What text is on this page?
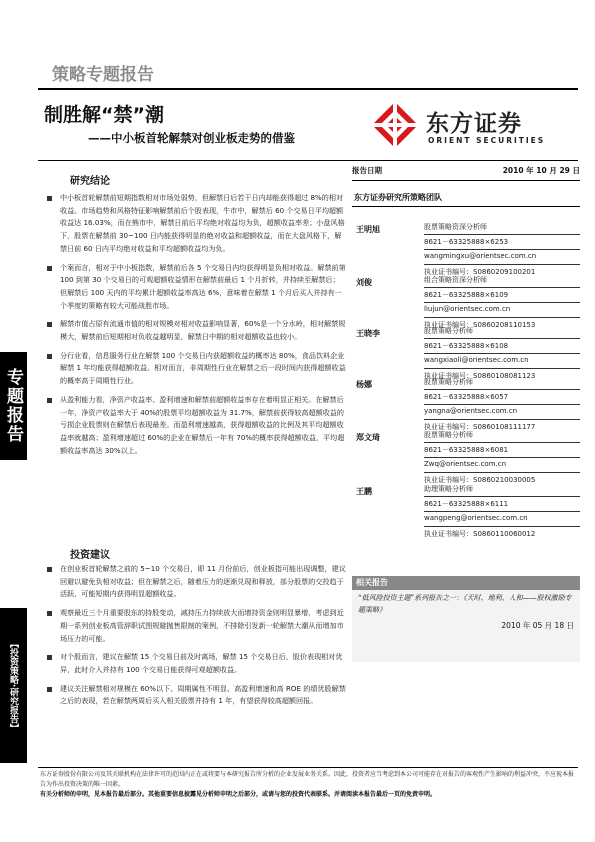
策略专题报告
制胜解“禁”潮
——中小板首轮解禁对创业板走势的借鉴
东方证券
ORIENT SECURITIES
研究结论
中小板首轮解禁前短期指数相对市场处弱势，但解禁日后若干日内却能获得超过 8%的相对收益。市场趋势和风格特征影响解禁前后个股表现，牛市中，解禁后 60 个交易日平均超额收益达 16.03%，而在熊市中，解禁日前后平均绝对收益均为负，超额收益率差；小盘风格下，股票在解禁前 30~100 日内能获得明显的绝对收益和超额收益，而在大盘风格下，解禁日前 60 日内平均绝对收益和平均超额收益均为负。
个案而言，相对于中小板指数，解禁前后各 5 个交易日内均获得明显负相对收益。解禁前第 100 到第 30 个交易日的可观超额收益情形在解禁前最后 1 个月折转，并持续至解禁后；但解禁后 100 天内的平均累计超额收益率高达 6%，意味着在解禁 1 个月后买入并持有一个季度的策略有较大可能战胜市场。
解禁市值占原有流通市值的相对规模对相对收益影响显著，60%是一个分水岭，相对解禁规模大，解禁前后短期相对负收益越明显，解禁日中期的相对超额收益也较小。
分行业看，信息服务行业在解禁 100 个交易日内获超额收益的概率达 80%，食品饮料企业解禁 1 年均能获得超额收益。相对而言，非周期性行业在解禁之后一段时间内获得超额收益的概率高于周期性行业。
从盈利能力看，净资产收益率、盈利增速和解禁前超额收益率存在着明显正相关。在解禁后一年，净资产收益率大于 40%的股票平均超额收益为 31.7%，解禁前获得较高超额收益的亏损企业股票则在解禁后表现最差。而盈利增速越高，获得超额收益的比例及其平均超额收益率就越高；盈利增速超过 60%的企业在解禁后一年有 70%的概率获得超额收益，平均超额收益率高达 30%以上。
投资建议
在创业板首轮解禁之前的 5~10 个交易日，即 11 月份前后，创业板指可能出现调整，建议回避以避免负相对收益；但在解禁之后，随着压力的逐渐兑现和释放，部分股票的交投趋于活跃，可能短期内获得明显超额收益。
观察最近三个月重要股东的持股变动，减持压力持续放大而增持资金则明显暴增，考虑到近期一系列创业板高管辞职试图规避抛售限制的案例，不排除引发新一轮解禁大潮从而增加市场压力的可能。
对个股而言，建议在解禁 15 个交易日前及时离场，解禁 15 个交易日后，股价表现相对优异，此时介入并持有 100 个交易日能获得可观超额收益。
建议关注解禁相对规模在 60%以下、周期属性不明显、高盈利增速和高 ROE 的绩优股解禁之后的表现，若在解禁两周后买入相关股票并持有 1 年，有望获得较高超额回报。
专题报告
【投资策略·研究报告】
报告日期	2010 年 10 月 29 日
东方证券研究所策略团队
王明旭	股票策略资深分析师
8621－63325888×6253
wangmingxu@orientsec.com.cn
执业证书编号：S0860209100201
刘俊	组合策略资深分析师
8621－63325888×6109
liujun@orientsec.com.cn
执业证书编号：S0860208110153
王晓李	股票策略分析师
8621－63325888×6108
wangxiaoli@orientsec.com.cn
执业证书编号：S0860108081123
杨娜	股票策略分析师
8621－63325888×6057
yangna@orientsec.com.cn
执业证书编号：S0860108111177
郑文琦	股票策略分析师
8621－63325888×6081
Zwq@orientsec.com.cn
执业证书编号：S0860210030005
王鹏	助理策略分析师
8621－63325888×6111
wangpeng@orientsec.com.cn
执业证书编号：S0860110060012
相关报告
“低风险投资主题”系列报告之一：《天时、地利、人和——股权激励专题策略》
2010 年 05 月 18 日
东方证券股份有限公司及其关联机构在法律许可的范围内正在或将要与本研究报告所分析的企业发展业务关系。因此，投资者应当考虑到本公司可能存在对报告的客观性产生影响的利益冲突，不应视本报告为作出投资决策的唯一因素。
有关分析师的申明，见本报告最后部分。其他重要信息披露见分析师申明之后部分，或请与您的投资代表联系。并请阅读本报告最后一页的免责申明。
